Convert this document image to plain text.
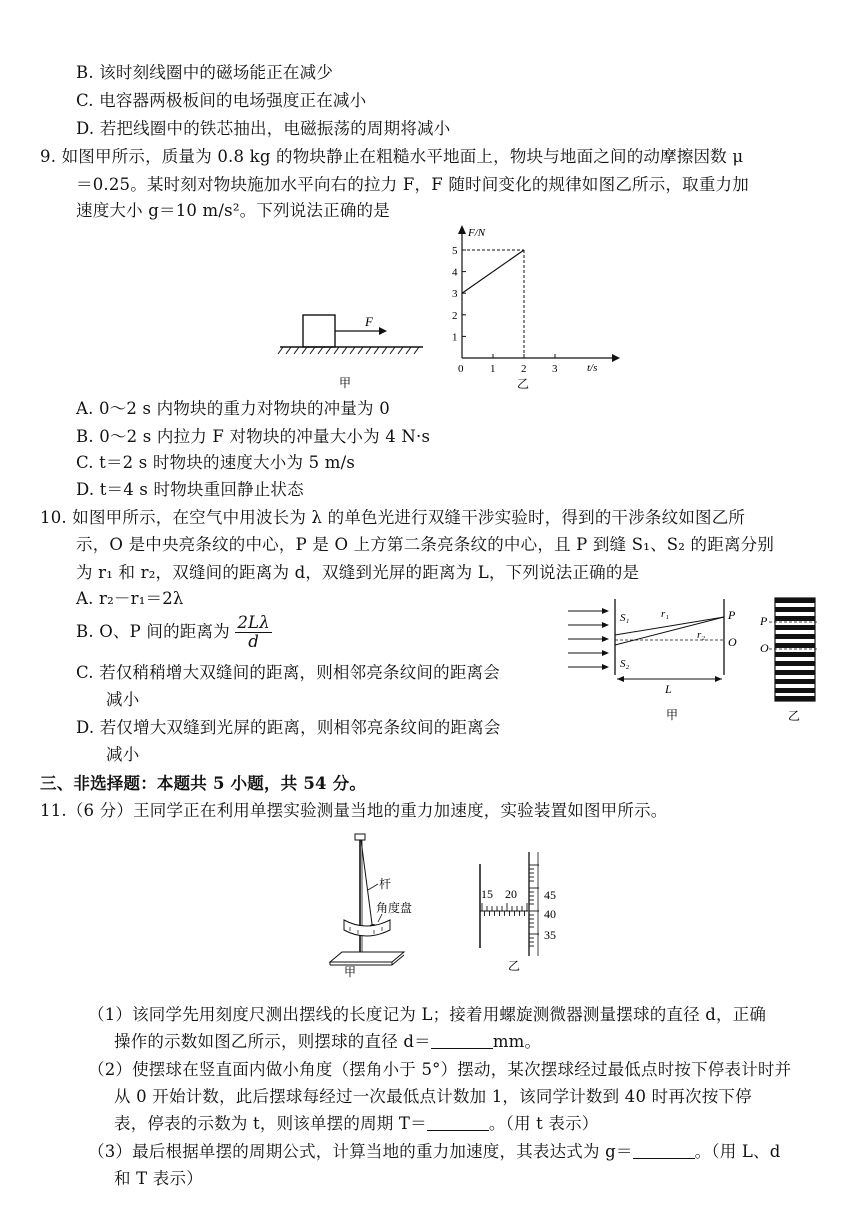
B. 该时刻线圈中的磁场能正在减少
C. 电容器两极板间的电场强度正在减小
D. 若把线圈中的铁芯抽出，电磁振荡的周期将减小
9. 如图甲所示，质量为 0.8 kg 的物块静止在粗糙水平地面上，物块与地面之间的动摩擦因数 μ
＝0.25。某时刻对物块施加水平向右的拉力 F，F 随时间变化的规律如图乙所示，取重力加
速度大小 g＝10 m/s²。下列说法正确的是
F
甲
F/N
t/s
1
2
3
4
5
0 1 2 3
乙
A. 0～2 s 内物块的重力对物块的冲量为 0
B. 0～2 s 内拉力 F 对物块的冲量大小为 4 N·s
C. t＝2 s 时物块的速度大小为 5 m/s
D. t＝4 s 时物块重回静止状态
10. 如图甲所示，在空气中用波长为 λ 的单色光进行双缝干涉实验时，得到的干涉条纹如图乙所
示，O 是中央亮条纹的中心，P 是 O 上方第二条亮条纹的中心，且 P 到缝 S₁、S₂ 的距离分别
为 r₁ 和 r₂，双缝间的距离为 d，双缝到光屏的距离为 L，下列说法正确的是
A. r₂－r₁＝2λ
B. O、P 间的距离为 $\frac{2L\lambda}{d}$
C. 若仅稍稍增大双缝间的距离，则相邻亮条纹间的距离会
减小
D. 若仅增大双缝到光屏的距离，则相邻亮条纹间的距离会
减小
S₁
S₂
r₁
r₂
P
O
L
甲
P
O
乙
三、非选择题：本题共 5 小题，共 54 分。
11.（6 分）王同学正在利用单摆实验测量当地的重力加速度，实验装置如图甲所示。
杆
角度盘
甲
15 20 45
40
35
乙
（1）该同学先用刻度尺测出摆线的长度记为 L；接着用螺旋测微器测量摆球的直径 d，正确
操作的示数如图乙所示，则摆球的直径 d＝	mm。
（2）使摆球在竖直面内做小角度（摆角小于 5°）摆动，某次摆球经过最低点时按下停表计时并
从 0 开始计数，此后摆球每经过一次最低点计数加 1，该同学计数到 40 时再次按下停
表，停表的示数为 t，则该单摆的周期 T＝	。（用 t 表示）
（3）最后根据单摆的周期公式，计算当地的重力加速度，其表达式为 g＝	。（用 L、d
和 T 表示）
